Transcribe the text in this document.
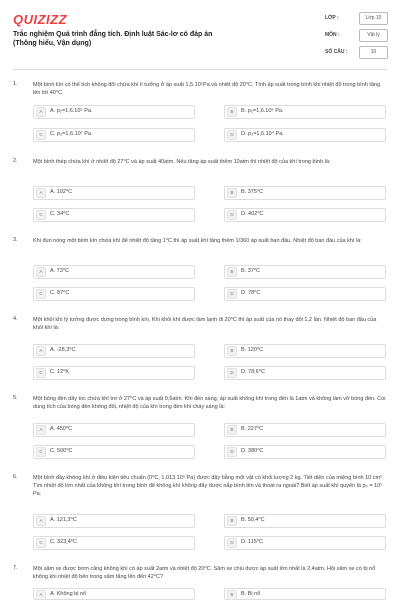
QUIZIZZ
Trắc nghiệm Quá trình đẳng tích. Định luật Sác-lơ có đáp án (Thông hiểu, Vận dụng)
LỚP :	Lớp 10
MÔN :	Vật lý
SỐ CÂU :	10
1.	Một bình kín có thể tích không đổi chứa khí lí tưởng ở áp suất 1,5.10⁵Pa và nhiệt độ 20⁰C. Tính áp suất trong bình khi nhiệt độ trong bình tăng lên tới 40⁰C.
A	A. p₂=1,6.10⁵ Pa.	B	B. p₂=1,6.10⁵ Pa.
C	C. p₂=1,6.10⁷ Pa.	D	D. p₂=1,6.10⁴ Pa.
2.	Một bình thép chứa khí ở nhiệt độ 27⁰C và áp suất 40atm. Nếu tăng áp suất thêm 10atm thì nhiệt độ của khí trong bình là:
A	A. 102⁰C	B	B. 375⁰C
C	C. 34⁰C	D	D. 402⁰C
3.	Khi đun nóng một bình kín chứa khí để nhiệt độ tăng 1⁰C thì áp suất khí tăng thêm 1/360 áp suất ban đầu. Nhiệt độ ban đầu của khí là:
A	A. 73⁰C	B	B. 37⁰C
C	C. 87⁰C	D	D. 78⁰C
4.	Một khối khí lý tưởng được dựng trong bình kín. Khi khối khí được làm lạnh đi 20⁰C thì áp suất của nó thay đổi 1,2 lần. Nhiệt độ ban đầu của khối khí là:
A	A. -28,3⁰C	B	B. 120⁰C
C	C. 12⁰K	D	D. 78,6⁰C
5.	Một bóng đèn dây tóc chứa khí trơ ở 27⁰C và áp suất 0,6atm. Khi đèn sáng, áp suất không khí trong đèn là 1atm và không làm vỡ bóng đèn. Coi dung tích của bóng đèn không đổi, nhiệt độ của khí trong đèn khi cháy sáng là:
A	A. 450⁰C	B	B. 227⁰C
C	C. 500⁰C	D	D. 380⁰C
6.	Một bình đầy không khí ở điều kiện tiêu chuẩn (0⁰C, 1,013.10⁵ Pa) được đậy bằng một vật có khối lượng 2 kg. Tiết diện của miệng bình 10 cm². Tìm nhiệt độ lớn nhất của không khí trong bình để không khí không đẩy được nắp bình lên và thoát ra ngoài? Biết áp suất khí quyển là p₀ = 10⁵ Pa.
A	A. 121,3⁰C	B	B. 50,4⁰C
C	C. 323,4⁰C	D	D. 115⁰C
7.	Một săm xe được bơm căng không khí có áp suất 2atm và nhiệt độ 20⁰C. Săm xe chịu được áp suất lớn nhất là 2,4atm. Hỏi săm xe có bị nổ không khi nhiệt độ bên trong săm tăng lên đến 42⁰C?
A	A. Không bị nổ	B	B. Bị nổ
